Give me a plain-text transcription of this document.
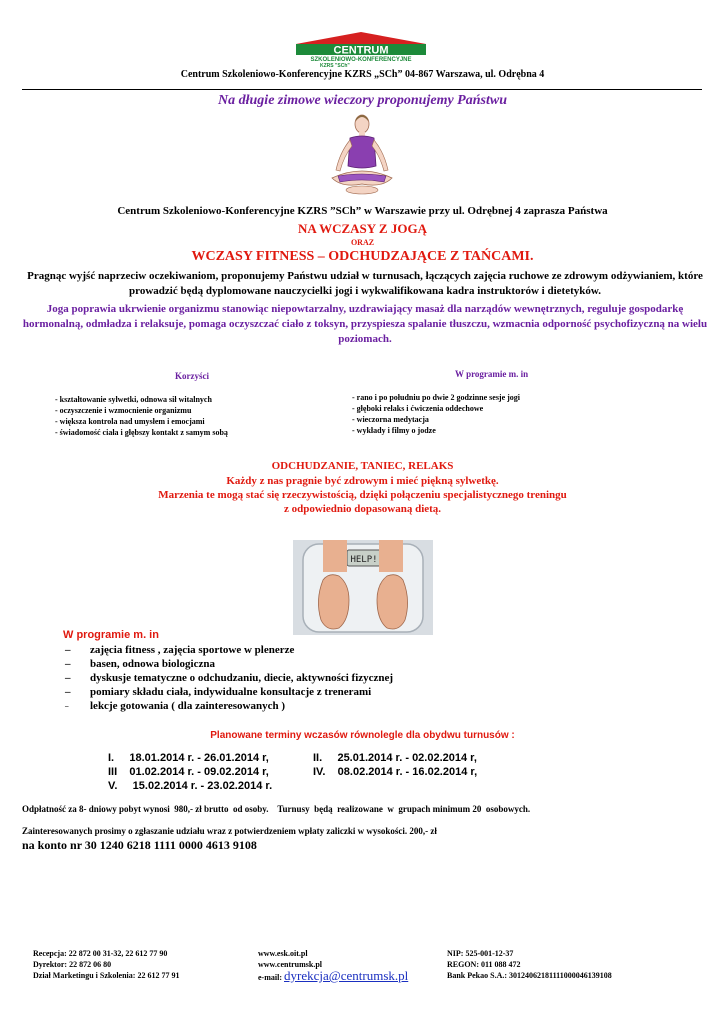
CENTRUM
SZKOLENIOWO-KONFERENCYJNE
KZRS "SCh"
Centrum Szkoleniowo-Konferencyjne KZRS „SCh” 04-867 Warszawa, ul. Odrębna 4
Na długie zimowe wieczory proponujemy Państwu
Centrum Szkoleniowo-Konferencyjne KZRS ”SCh” w Warszawie przy ul. Odrębnej 4 zaprasza Państwa
NA WCZASY Z JOGĄ
ORAZ
WCZASY FITNESS – ODCHUDZAJĄCE Z TAŃCAMI.
Pragnąc wyjść naprzeciw oczekiwaniom, proponujemy Państwu udział w turnusach, łączących zajęcia ruchowe ze zdrowym odżywianiem, które prowadzić będą dyplomowane nauczycielki jogi i wykwalifikowana kadra instruktorów i dietetyków.
Joga poprawia ukrwienie organizmu stanowiąc niepowtarzalny, uzdrawiający masaż dla narządów wewnętrznych, reguluje gospodarkę hormonalną, odmładza i relaksuje, pomaga oczyszczać ciało z toksyn, przyspiesza spalanie tłuszczu, wzmacnia odporność psychofizyczną na wielu poziomach.
Korzyści	W programie m. in
- kształtowanie sylwetki, odnowa sił witalnych
- oczyszczenie i wzmocnienie organizmu
- większa kontrola nad umysłem i emocjami
- świadomość ciała i głębszy kontakt z samym sobą
- rano i po południu po dwie 2 godzinne sesje jogi
- głęboki relaks i ćwiczenia oddechowe
- wieczorna medytacja
- wykłady i filmy o jodze
ODCHUDZANIE, TANIEC, RELAKS
Każdy z nas pragnie być zdrowym i mieć piękną sylwetkę.
Marzenia te mogą stać się rzeczywistością, dzięki połączeniu specjalistycznego treningu
z odpowiednio dopasowaną dietą.
HELP!
W programie m. in
– zajęcia fitness , zajęcia sportowe w plenerze
– basen, odnowa biologiczna
– dyskusje tematyczne o odchudzaniu, diecie, aktywności fizycznej
– pomiary składu ciała, indywidualne konsultacje z trenerami
– lekcje gotowania ( dla zainteresowanych )
Planowane terminy wczasów równolegle dla obydwu turnusów :
I.     18.01.2014 r. - 26.01.2014 r,	II.     25.01.2014 r. - 02.02.2014 r,
III    01.02.2014 r. - 09.02.2014 r,	IV.    08.02.2014 r. - 16.02.2014 r,
V.     15.02.2014 r. - 23.02.2014 r.
Odpłatność za 8- dniowy pobyt wynosi  980,- zł brutto  od osoby.    Turnusy  będą  realizowane  w  grupach minimum 20  osobowych.
Zainteresowanych prosimy o zgłaszanie udziału wraz z potwierdzeniem wpłaty zaliczki w wysokości. 200,- zł
na konto nr 30 1240 6218 1111 0000 4613 9108
Recepcja: 22 872 00 31-32, 22 612 77 90
Dyrektor: 22 872 06 80
Dział Marketingu i Szkolenia: 22 612 77 91
www.esk.oit.pl
www.centrumsk.pl
e-mail: dyrekcja@centrumsk.pl
NIP: 525-001-12-37
REGON: 011 088 472
Bank Pekao S.A.: 30124062181111000046139108
